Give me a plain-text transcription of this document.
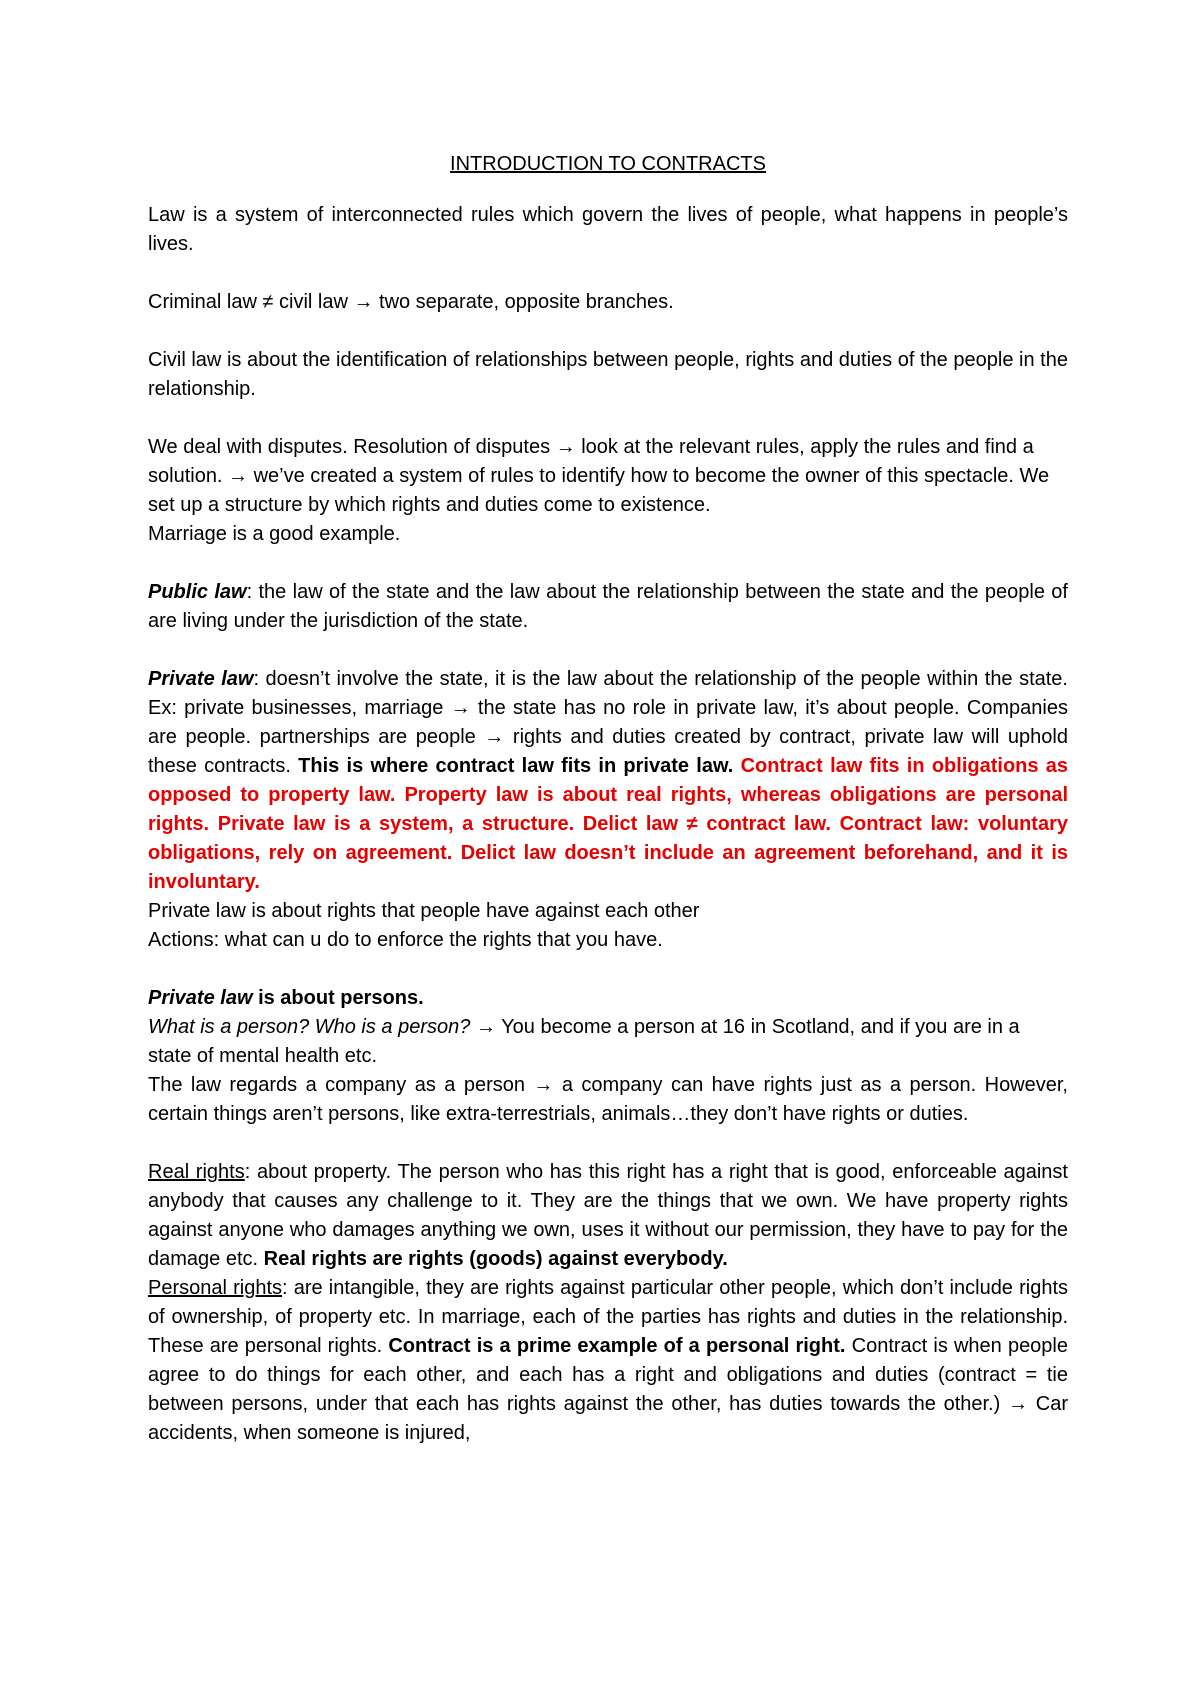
INTRODUCTION TO CONTRACTS

Law is a system of interconnected rules which govern the lives of people, what happens in people’s lives.

Criminal law ≠ civil law → two separate, opposite branches.

Civil law is about the identification of relationships between people, rights and duties of the people in the relationship.

We deal with disputes. Resolution of disputes → look at the relevant rules, apply the rules and find a solution. → we’ve created a system of rules to identify how to become the owner of this spectacle. We set up a structure by which rights and duties come to existence.

Marriage is a good example.

Public law: the law of the state and the law about the relationship between the state and the people of are living under the jurisdiction of the state.

Private law: doesn’t involve the state, it is the law about the relationship of the people within the state. Ex: private businesses, marriage → the state has no role in private law, it’s about people. Companies are people. partnerships are people → rights and duties created by contract, private law will uphold these contracts. This is where contract law fits in private law. Contract law fits in obligations as opposed to property law. Property law is about real rights, whereas obligations are personal rights. Private law is a system, a structure. Delict law ≠ contract law. Contract law: voluntary obligations, rely on agreement. Delict law doesn’t include an agreement beforehand, and it is involuntary.

Private law is about rights that people have against each other

Actions: what can u do to enforce the rights that you have.

Private law is about persons.

What is a person? Who is a person? → You become a person at 16 in Scotland, and if you are in a state of mental health etc.

The law regards a company as a person → a company can have rights just as a person. However, certain things aren’t persons, like extra-terrestrials, animals…they don’t have rights or duties.

Real rights: about property. The person who has this right has a right that is good, enforceable against anybody that causes any challenge to it. They are the things that we own. We have property rights against anyone who damages anything we own, uses it without our permission, they have to pay for the damage etc. Real rights are rights (goods) against everybody.

Personal rights: are intangible, they are rights against particular other people, which don’t include rights of ownership, of property etc. In marriage, each of the parties has rights and duties in the relationship. These are personal rights. Contract is a prime example of a personal right. Contract is when people agree to do things for each other, and each has a right and obligations and duties (contract = tie between persons, under that each has rights against the other, has duties towards the other.) → Car accidents, when someone is injured,
